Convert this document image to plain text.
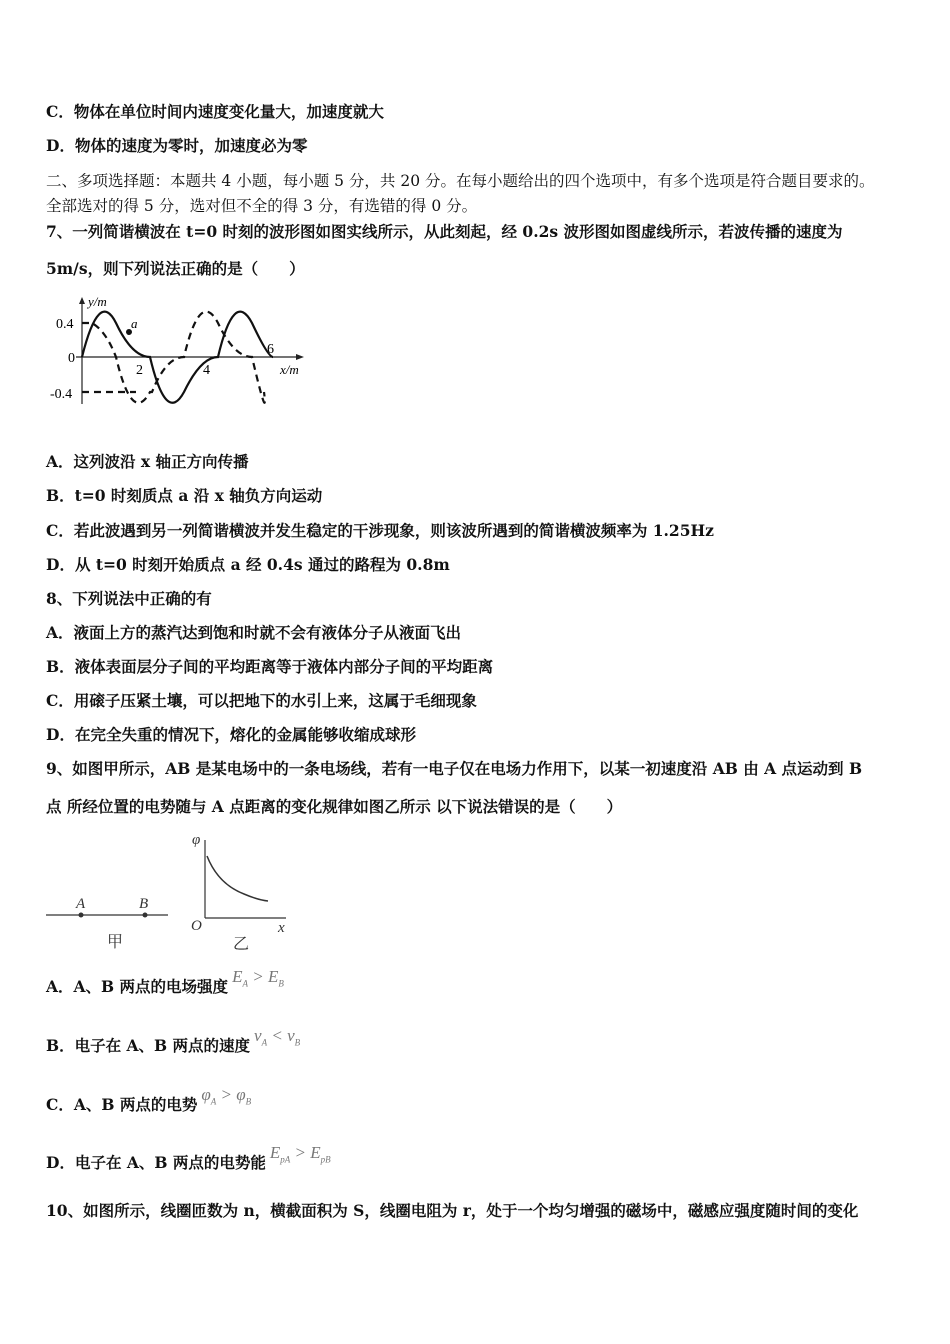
C．物体在单位时间内速度变化量大，加速度就大
D．物体的速度为零时，加速度必为零
二、多项选择题：本题共 4 小题，每小题 5 分，共 20 分。在每小题给出的四个选项中，有多个选项是符合题目要求的。
全部选对的得 5 分，选对但不全的得 3 分，有选错的得 0 分。
7、一列简谐横波在 t=0 时刻的波形图如图实线所示，从此刻起，经 0.2s 波形图如图虚线所示，若波传播的速度为
5m/s，则下列说法正确的是（　　）
y/m
x/m
0.4
0
-0.4
2	4
6
a
A．这列波沿 x 轴正方向传播
B．t=0 时刻质点 a 沿 x 轴负方向运动
C．若此波遇到另一列简谐横波并发生稳定的干涉现象，则该波所遇到的简谐横波频率为 1.25Hz
D．从 t=0 时刻开始质点 a 经 0.4s 通过的路程为 0.8m
8、下列说法中正确的有
A．液面上方的蒸汽达到饱和时就不会有液体分子从液面飞出
B．液体表面层分子间的平均距离等于液体内部分子间的平均距离
C．用磙子压紧土壤，可以把地下的水引上来，这属于毛细现象
D．在完全失重的情况下，熔化的金属能够收缩成球形
9、如图甲所示，AB 是某电场中的一条电场线，若有一电子仅在电场力作用下，以某一初速度沿 AB 由 A 点运动到 B
点 所经位置的电势随与 A 点距离的变化规律如图乙所示 以下说法错误的是（　　）
A	B
甲
φ
O	x
乙
A．A、B 两点的电场强度$E_A > E_B$
B．电子在 A、B 两点的速度$v_A < v_B$
C．A、B 两点的电势$\varphi_A > \varphi_B$
D．电子在 A、B 两点的电势能$E_{pA} > E_{pB}$
10、如图所示，线圈匝数为 n，横截面积为 S，线圈电阻为 r，处于一个均匀增强的磁场中，磁感应强度随时间的变化
